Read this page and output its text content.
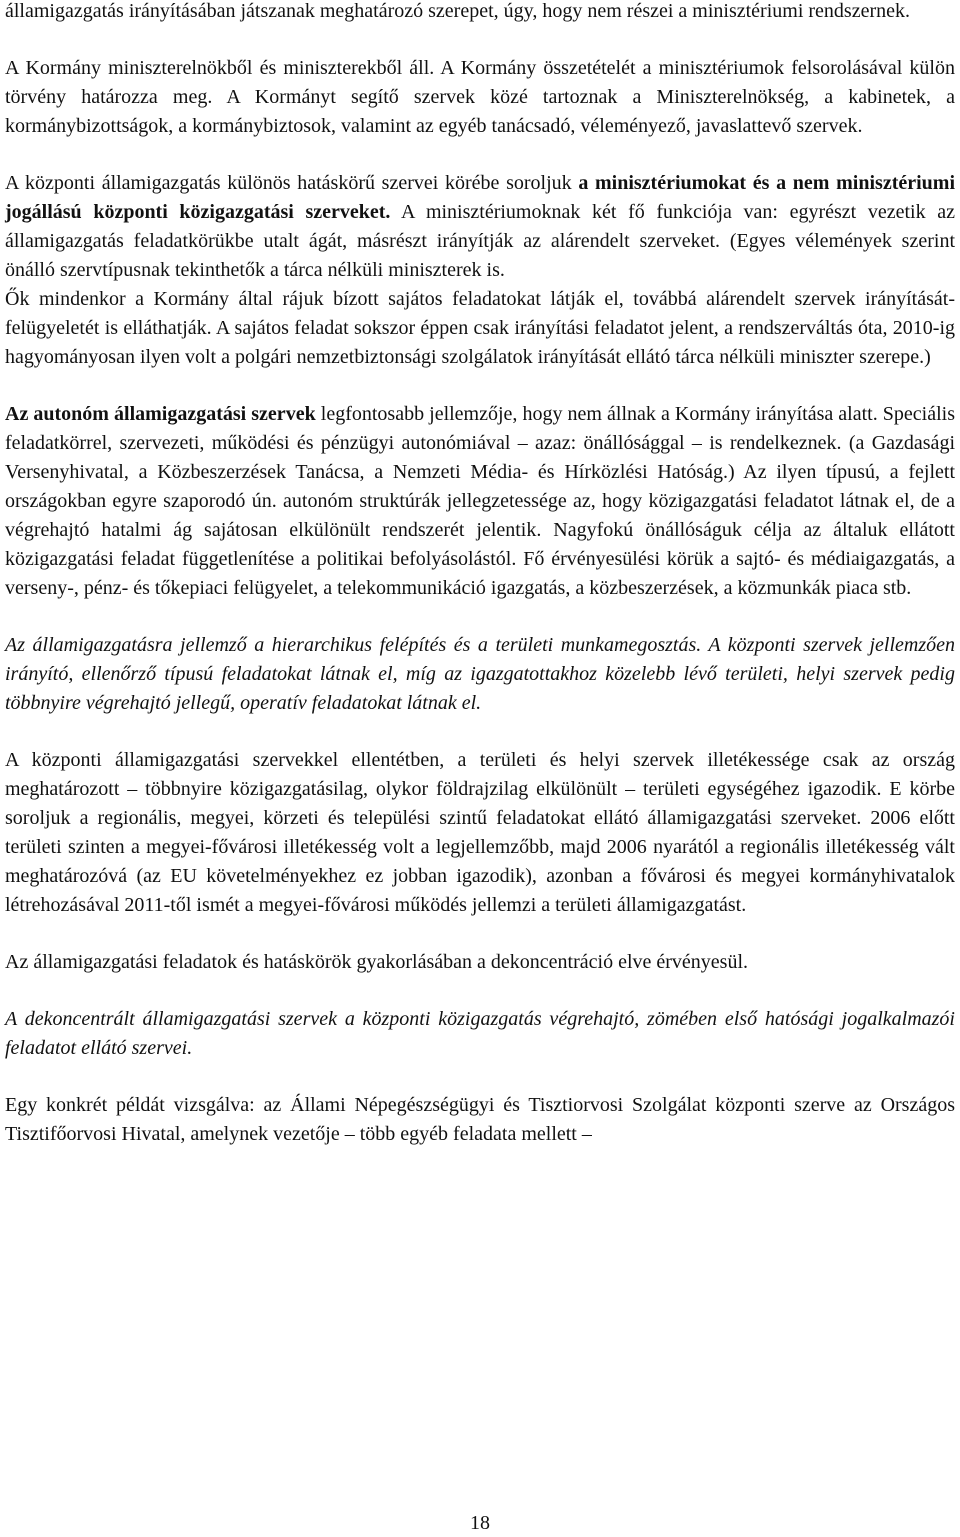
államigazgatás irányításában játszanak meghatározó szerepet, úgy, hogy nem részei a minisztériumi rendszernek.

A Kormány miniszterelnökből és miniszterekből áll. A Kormány összetételét a minisztériumok felsorolásával külön törvény határozza meg. A Kormányt segítő szervek közé tartoznak a Miniszterelnökség, a kabinetek, a kormánybizottságok, a kormánybiztosok, valamint az egyéb tanácsadó, véleményező, javaslattevő szervek.

A központi államigazgatás különös hatáskörű szervei körébe soroljuk a minisztériumokat és a nem minisztériumi jogállású központi közigazgatási szerveket. A minisztériumoknak két fő funkciója van: egyrészt vezetik az államigazgatás feladatkörükbe utalt ágát, másrészt irányítják az alárendelt szerveket. (Egyes vélemények szerint önálló szervtípusnak tekinthetők a tárca nélküli miniszterek is.

Ők mindenkor a Kormány által rájuk bízott sajátos feladatokat látják el, továbbá alárendelt szervek irányítását-felügyeletét is elláthatják. A sajátos feladat sokszor éppen csak irányítási feladatot jelent, a rendszerváltás óta, 2010-ig hagyományosan ilyen volt a polgári nemzetbiztonsági szolgálatok irányítását ellátó tárca nélküli miniszter szerepe.)

Az autonóm államigazgatási szervek legfontosabb jellemzője, hogy nem állnak a Kormány irányítása alatt. Speciális feladatkörrel, szervezeti, működési és pénzügyi autonómiával – azaz: önállósággal – is rendelkeznek. (a Gazdasági Versenyhivatal, a Közbeszerzések Tanácsa, a Nemzeti Média- és Hírközlési Hatóság.) Az ilyen típusú, a fejlett országokban egyre szaporodó ún. autonóm struktúrák jellegzetessége az, hogy közigazgatási feladatot látnak el, de a végrehajtó hatalmi ág sajátosan elkülönült rendszerét jelentik. Nagyfokú önállóságuk célja az általuk ellátott közigazgatási feladat függetlenítése a politikai befolyásolástól. Fő érvényesülési körük a sajtó- és médiaigazgatás, a verseny-, pénz- és tőkepiaci felügyelet, a telekommunikáció igazgatás, a közbeszerzések, a közmunkák piaca stb.

Az államigazgatásra jellemző a hierarchikus felépítés és a területi munkamegosztás. A központi szervek jellemzően irányító, ellenőrző típusú feladatokat látnak el, míg az igazgatottakhoz közelebb lévő területi, helyi szervek pedig többnyire végrehajtó jellegű, operatív feladatokat látnak el.

A központi államigazgatási szervekkel ellentétben, a területi és helyi szervek illetékessége csak az ország meghatározott – többnyire közigazgatásilag, olykor földrajzilag elkülönült – területi egységéhez igazodik. E körbe soroljuk a regionális, megyei, körzeti és települési szintű feladatokat ellátó államigazgatási szerveket. 2006 előtt területi szinten a megyei-fővárosi illetékesség volt a legjellemzőbb, majd 2006 nyarától a regionális illetékesség vált meghatározóvá (az EU követelményekhez ez jobban igazodik), azonban a fővárosi és megyei kormányhivatalok létrehozásával 2011-től ismét a megyei-fővárosi működés jellemzi a területi államigazgatást.

Az államigazgatási feladatok és hatáskörök gyakorlásában a dekoncentráció elve érvényesül.

A dekoncentrált államigazgatási szervek a központi közigazgatás végrehajtó, zömében első hatósági jogalkalmazói feladatot ellátó szervei.

Egy konkrét példát vizsgálva: az Állami Népegészségügyi és Tisztiorvosi Szolgálat központi szerve az Országos Tisztifőorvosi Hivatal, amelynek vezetője – több egyéb feladata mellett –

18
